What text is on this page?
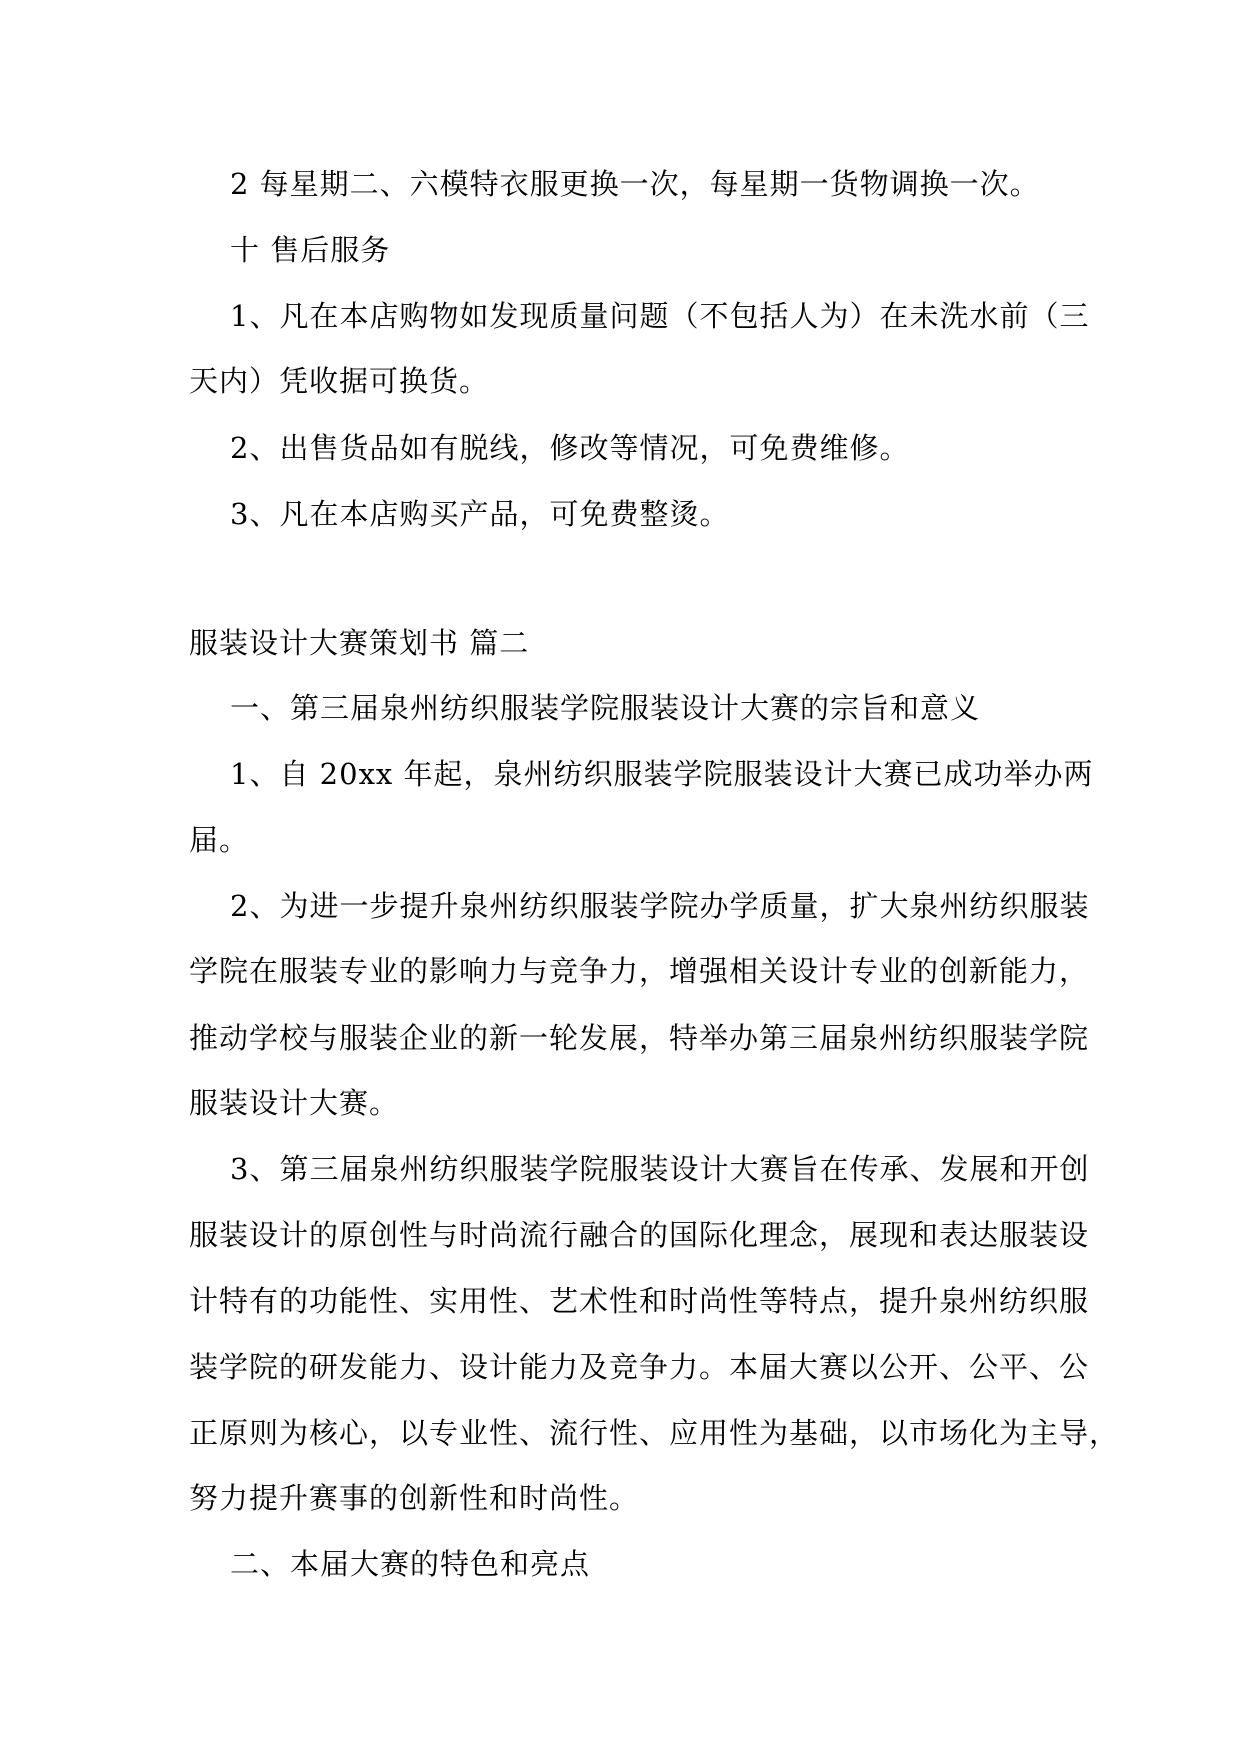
2 每星期二、六模特衣服更换一次，每星期一货物调换一次。
十 售后服务
1、凡在本店购物如发现质量问题（不包括人为）在未洗水前（三
天内）凭收据可换货。
2、出售货品如有脱线，修改等情况，可免费维修。
3、凡在本店购买产品，可免费整烫。
服装设计大赛策划书 篇二
一、第三届泉州纺织服装学院服装设计大赛的宗旨和意义
1、自 20xx 年起，泉州纺织服装学院服装设计大赛已成功举办两
届。
2、为进一步提升泉州纺织服装学院办学质量，扩大泉州纺织服装
学院在服装专业的影响力与竞争力，增强相关设计专业的创新能力，
推动学校与服装企业的新一轮发展，特举办第三届泉州纺织服装学院
服装设计大赛。
3、第三届泉州纺织服装学院服装设计大赛旨在传承、发展和开创
服装设计的原创性与时尚流行融合的国际化理念，展现和表达服装设
计特有的功能性、实用性、艺术性和时尚性等特点，提升泉州纺织服
装学院的研发能力、设计能力及竞争力。本届大赛以公开、公平、公
正原则为核心，以专业性、流行性、应用性为基础，以市场化为主导，
努力提升赛事的创新性和时尚性。
二、本届大赛的特色和亮点
